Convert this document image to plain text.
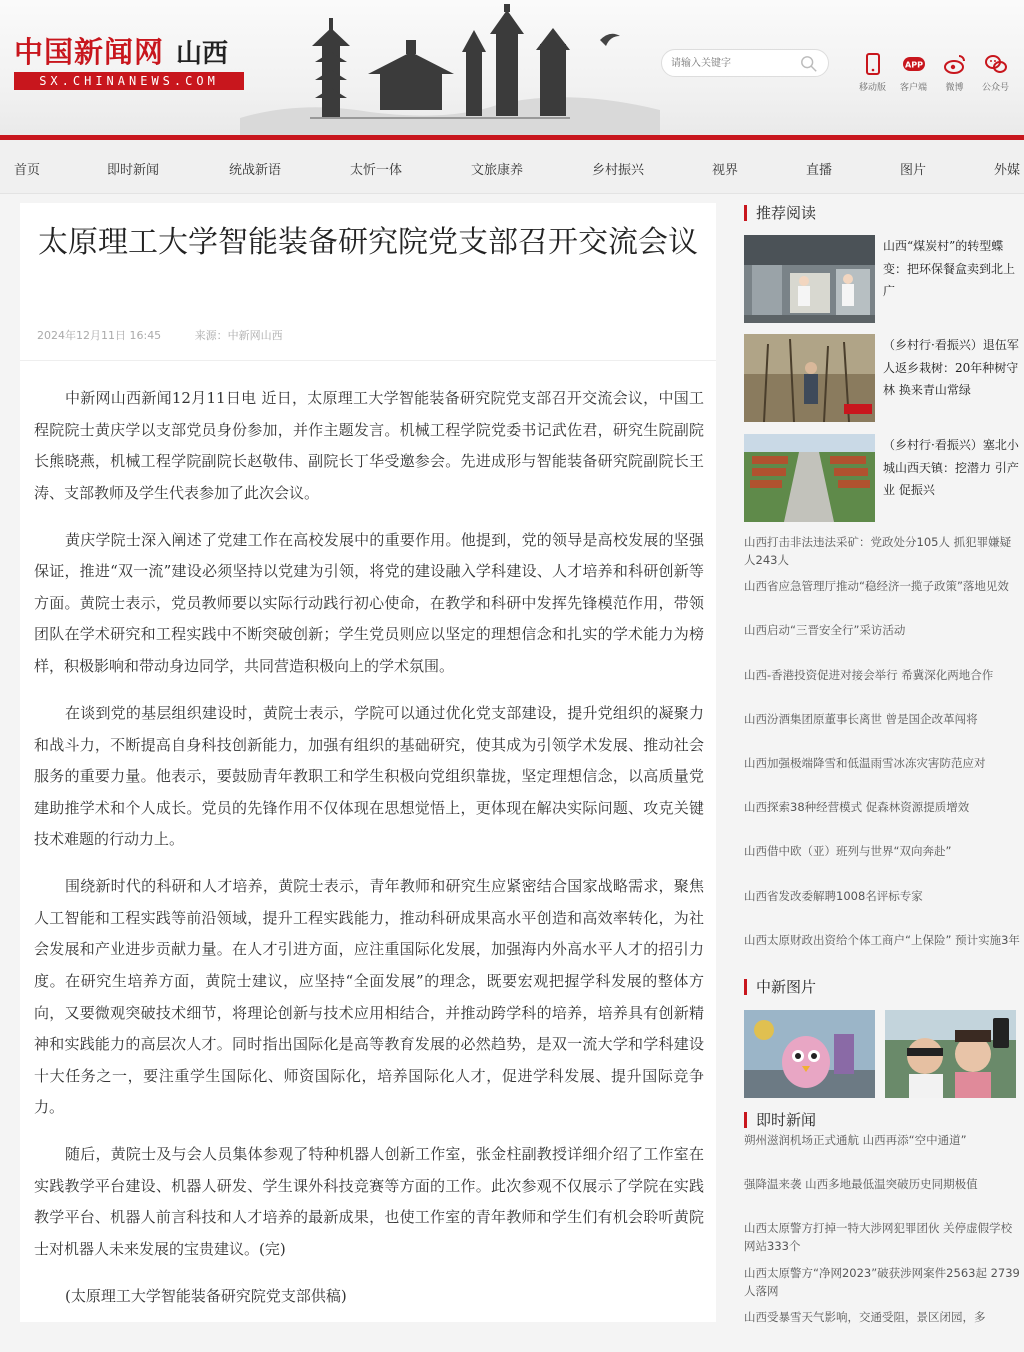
中国新闻网 山西
SX.CHINANEWS.COM
请输入关键字	移动版
APP
客户端	微博	公众号
首页	即时新闻	统战新语	太忻一体	文旅康养	乡村振兴	视界	直播	图片	外媒
太原理工大学智能装备研究院党支部召开交流会议
2024年12月11日 16:45	来源：中新网山西

中新网山西新闻12月11日电 近日，太原理工大学智能装备研究院党支部召开交流会议，中国工程院院士黄庆学以支部党员身份参加，并作主题发言。机械工程学院党委书记武佐君，研究生院副院长熊晓燕，机械工程学院副院长赵敬伟、副院长丁华受邀参会。先进成形与智能装备研究院副院长王涛、支部教师及学生代表参加了此次会议。

黄庆学院士深入阐述了党建工作在高校发展中的重要作用。他提到，党的领导是高校发展的坚强保证，推进“双一流”建设必须坚持以党建为引领，将党的建设融入学科建设、人才培养和科研创新等方面。黄院士表示，党员教师要以实际行动践行初心使命，在教学和科研中发挥先锋模范作用，带领团队在学术研究和工程实践中不断突破创新；学生党员则应以坚定的理想信念和扎实的学术能力为榜样，积极影响和带动身边同学，共同营造积极向上的学术氛围。

在谈到党的基层组织建设时，黄院士表示，学院可以通过优化党支部建设，提升党组织的凝聚力和战斗力，不断提高自身科技创新能力，加强有组织的基础研究，使其成为引领学术发展、推动社会服务的重要力量。他表示，要鼓励青年教职工和学生积极向党组织靠拢，坚定理想信念，以高质量党建助推学术和个人成长。党员的先锋作用不仅体现在思想觉悟上，更体现在解决实际问题、攻克关键技术难题的行动力上。

围绕新时代的科研和人才培养，黄院士表示，青年教师和研究生应紧密结合国家战略需求，聚焦人工智能和工程实践等前沿领域，提升工程实践能力，推动科研成果高水平创造和高效率转化，为社会发展和产业进步贡献力量。在人才引进方面，应注重国际化发展，加强海内外高水平人才的招引力度。在研究生培养方面，黄院士建议，应坚持“全面发展”的理念，既要宏观把握学科发展的整体方向，又要微观突破技术细节，将理论创新与技术应用相结合，并推动跨学科的培养，培养具有创新精神和实践能力的高层次人才。同时指出国际化是高等教育发展的必然趋势，是双一流大学和学科建设十大任务之一，要注重学生国际化、师资国际化，培养国际化人才，促进学科发展、提升国际竞争力。

随后，黄院士及与会人员集体参观了特种机器人创新工作室，张金柱副教授详细介绍了工作室在实践教学平台建设、机器人研发、学生课外科技竞赛等方面的工作。此次参观不仅展示了学院在实践教学平台、机器人前言科技和人才培养的最新成果，也使工作室的青年教师和学生们有机会聆听黄院士对机器人未来发展的宝贵建议。(完)

(太原理工大学智能装备研究院党支部供稿)

推荐阅读
山西“煤炭村”的转型蝶变：把环保餐盒卖到北上广
（乡村行·看振兴）退伍军人返乡栽树：20年种树守林 换来青山常绿
（乡村行·看振兴）塞北小城山西天镇：挖潜力 引产业 促振兴
山西打击非法违法采矿：党政处分105人 抓犯罪嫌疑人243人
山西省应急管理厅推动“稳经济一揽子政策”落地见效
山西启动“三晋安全行”采访活动
山西-香港投资促进对接会举行 希冀深化两地合作
山西汾酒集团原董事长离世 曾是国企改革闯将
山西加强极端降雪和低温雨雪冰冻灾害防范应对
山西探索38种经营模式 促森林资源提质增效
山西借中欧（亚）班列与世界“双向奔赴”
山西省发改委解聘1008名评标专家
山西太原财政出资给个体工商户“上保险” 预计实施3年
中新图片
即时新闻
朔州滋润机场正式通航 山西再添“空中通道”
强降温来袭 山西多地最低温突破历史同期极值
山西太原警方打掉一特大涉网犯罪团伙 关停虚假学校网站333个
山西太原警方“净网2023”破获涉网案件2563起 2739人落网
山西受暴雪天气影响，交通受阻，景区闭园，多
